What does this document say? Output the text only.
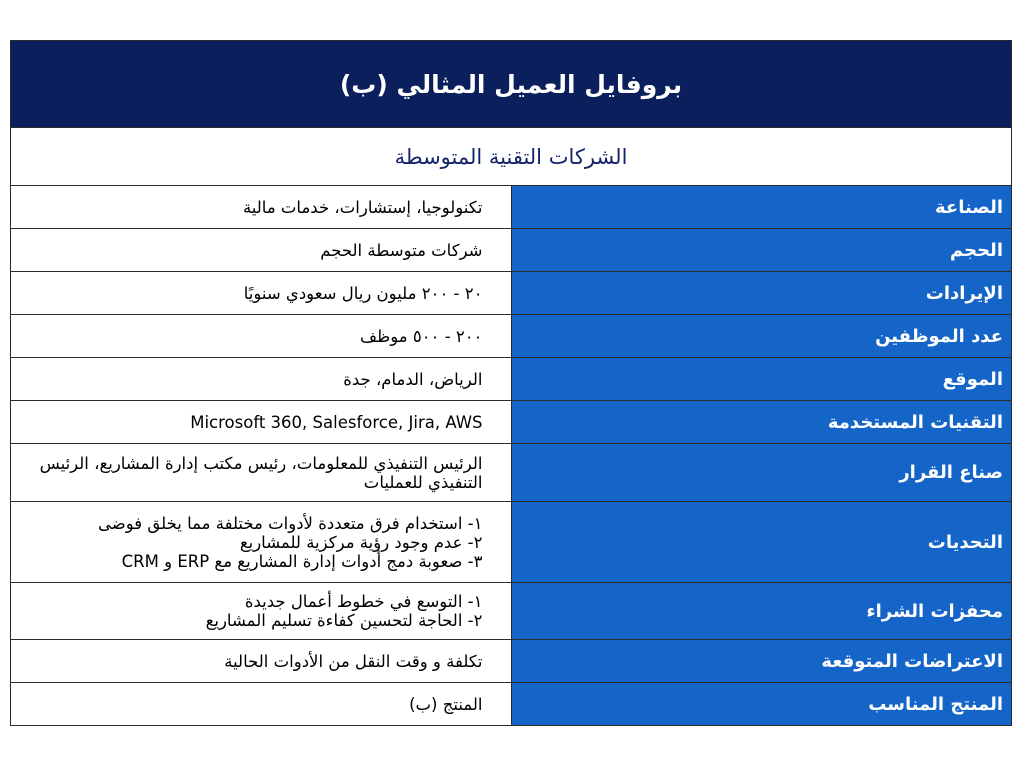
بروفايل العميل المثالي (ب)	
الشركات التقنية المتوسطة	
الصناعة	تكنولوجيا، إستشارات، خدمات مالية

الحجم	شركات متوسطة الحجم

الإيرادات	٢٠ - ٢٠٠ مليون ريال سعودي سنويًا

عدد الموظفين	٢٠٠ - ٥٠٠ موظف

الموقع	الرياض، الدمام، جدة

التقنيات المستخدمة	Microsoft 360, Salesforce, Jira, AWS

صناع القرار	الرئيس التنفيذي للمعلومات، رئيس مكتب إدارة المشاريع، الرئيس التنفيذي للعمليات

التحديات	١- استخدام فرق متعددة لأدوات مختلفة مما يخلق فوضى
٢- عدم وجود رؤية مركزية للمشاريع
٣- صعوبة دمج أدوات إدارة المشاريع مع ERP و CRM

محفزات الشراء	١- التوسع في خطوط أعمال جديدة
٢- الحاجة لتحسين كفاءة تسليم المشاريع

الاعتراضات المتوقعة	تكلفة و وقت النقل من الأدوات الحالية

المنتج المناسب	المنتج (ب)
